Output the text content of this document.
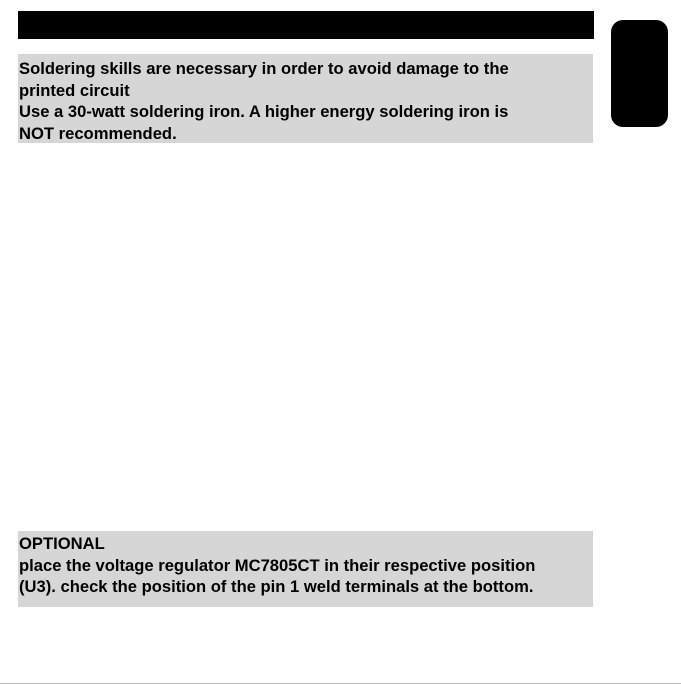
Soldering skills are necessary in order to avoid damage to the
printed circuit
Use a 30-watt soldering iron. A higher energy soldering iron is
NOT recommended.
OPTIONAL
place the voltage regulator MC7805CT in their respective position
(U3). check the position of the pin 1 weld terminals at the bottom.
